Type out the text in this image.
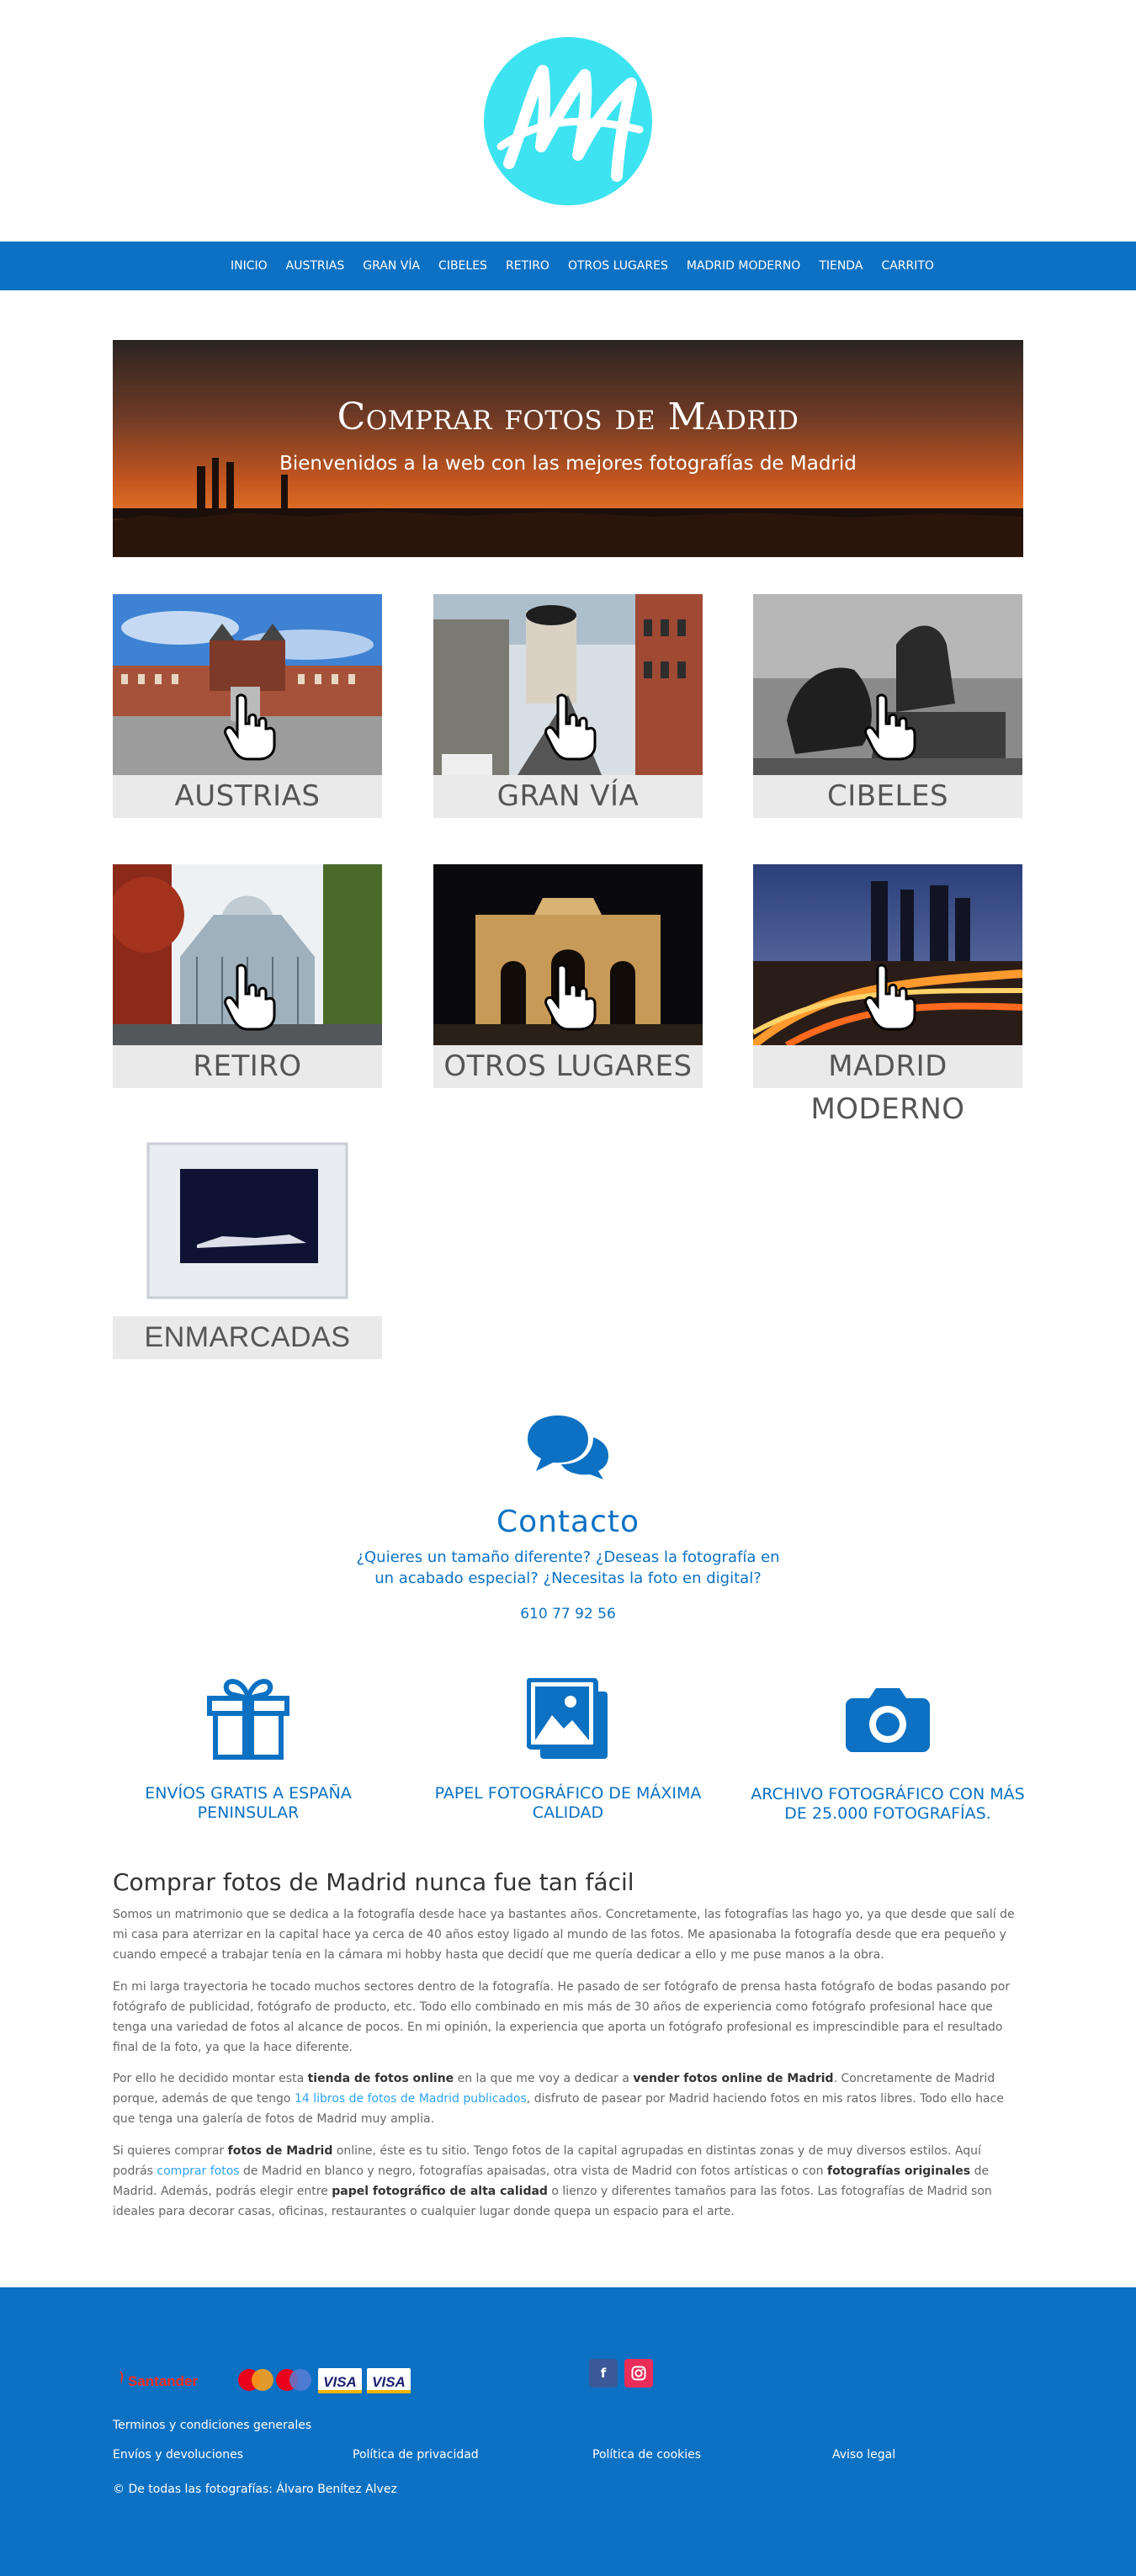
INICIO AUSTRIAS GRAN VÍA CIBELES RETIRO OTROS LUGARES MADRID MODERNO TIENDA CARRITO
Comprar fotos de Madrid
Bienvenidos a la web con las mejores fotografías de Madrid
AUSTRIAS	GRAN VÍA	CIBELES
RETIRO	OTROS LUGARES	MADRID MODERNO
ENMARCADAS
Contacto
¿Quieres un tamaño diferente? ¿Deseas la fotografía en un acabado especial? ¿Necesitas la foto en digital?
610 77 92 56
ENVÍOS GRATIS A ESPAÑA PENINSULAR
PAPEL FOTOGRÁFICO DE MÁXIMA CALIDAD
ARCHIVO FOTOGRÁFICO CON MÁS DE 25.000 FOTOGRAFÍAS.
Comprar fotos de Madrid nunca fue tan fácil
Somos un matrimonio que se dedica a la fotografía desde hace ya bastantes años. Concretamente, las fotografías las hago yo, ya que desde que salí de mi casa para aterrizar en la capital hace ya cerca de 40 años estoy ligado al mundo de las fotos. Me apasionaba la fotografía desde que era pequeño y cuando empecé a trabajar tenía en la cámara mi hobby hasta que decidí que me quería dedicar a ello y me puse manos a la obra.
En mi larga trayectoria he tocado muchos sectores dentro de la fotografía. He pasado de ser fotógrafo de prensa hasta fotógrafo de bodas pasando por fotógrafo de publicidad, fotógrafo de producto, etc. Todo ello combinado en mis más de 30 años de experiencia como fotógrafo profesional hace que tenga una variedad de fotos al alcance de pocos. En mi opinión, la experiencia que aporta un fotógrafo profesional es imprescindible para el resultado final de la foto, ya que la hace diferente.
Por ello he decidido montar esta tienda de fotos online en la que me voy a dedicar a vender fotos online de Madrid. Concretamente de Madrid porque, además de que tengo 14 libros de fotos de Madrid publicados, disfruto de pasear por Madrid haciendo fotos en mis ratos libres. Todo ello hace que tenga una galería de fotos de Madrid muy amplia.
Si quieres comprar fotos de Madrid online, éste es tu sitio. Tengo fotos de la capital agrupadas en distintas zonas y de muy diversos estilos. Aquí podrás comprar fotos de Madrid en blanco y negro, fotografías apaisadas, otra vista de Madrid con fotos artísticas o con fotografías originales de Madrid. Además, podrás elegir entre papel fotográfico de alta calidad o lienzo y diferentes tamaños para las fotos. Las fotografías de Madrid son ideales para decorar casas, oficinas, restaurantes o cualquier lugar donde quepa un espacio para el arte.
Santander	VISA VISA
f
Terminos y condiciones generales
Envíos y devoluciones	Política de privacidad	Política de cookies	Aviso legal
© De todas las fotografías: Álvaro Benítez Alvez
